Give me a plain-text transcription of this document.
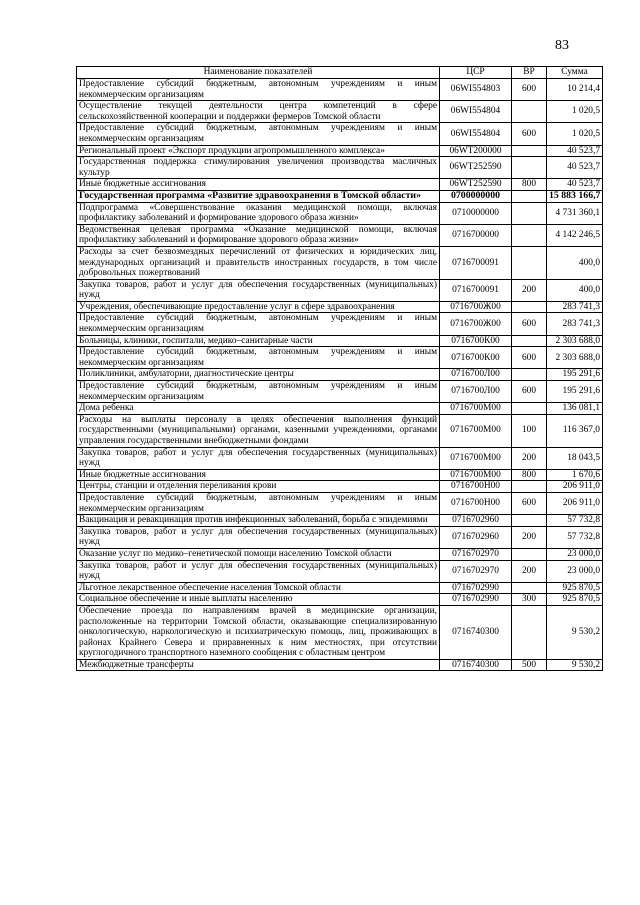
83
Наименование показателей	ЦСР	ВР	Сумма
Предоставление субсидий бюджетным, автономным учреждениям и иным некоммерческим организациям	06WI554803	600	10 214,4
Осуществление текущей деятельности центра компетенций в сфере сельскохозяйственной кооперации и поддержки фермеров Томской области	06WI554804		1 020,5
Предоставление субсидий бюджетным, автономным учреждениям и иным некоммерческим организациям	06WI554804	600	1 020,5
Региональный проект «Экспорт продукции агропромышленного комплекса»	06WT200000		40 523,7
Государственная поддержка стимулирования увеличения производства масличных культур	06WT252590		40 523,7
Иные бюджетные ассигнования	06WT252590	800	40 523,7
Государственная программа «Развитие здравоохранения в Томской области»	0700000000		15 883 166,7
Подпрограмма «Совершенствование оказания медицинской помощи, включая профилактику заболеваний и формирование здорового образа жизни»	0710000000		4 731 360,1
Ведомственная целевая программа «Оказание медицинской помощи, включая профилактику заболеваний и формирование здорового образа жизни»	0716700000		4 142 246,5
Расходы за счет безвозмездных перечислений от физических и юридических лиц, международных организаций и правительств иностранных государств, в том числе добровольных пожертвований	0716700091		400,0
Закупка товаров, работ и услуг для обеспечения государственных (муниципальных) нужд	0716700091	200	400,0
Учреждения, обеспечивающие предоставление услуг в сфере здравоохранения	0716700Ж00		283 741,3
Предоставление субсидий бюджетным, автономным учреждениям и иным некоммерческим организациям	0716700Ж00	600	283 741,3
Больницы, клиники, госпитали, медико–санитарные части	0716700К00		2 303 688,0
Предоставление субсидий бюджетным, автономным учреждениям и иным некоммерческим организациям	0716700К00	600	2 303 688,0
Поликлиники, амбулатории, диагностические центры	0716700Л00		195 291,6
Предоставление субсидий бюджетным, автономным учреждениям и иным некоммерческим организациям	0716700Л00	600	195 291,6
Дома ребенка	0716700М00		136 081,1
Расходы на выплаты персоналу в целях обеспечения выполнения функций государственными (муниципальными) органами, казенными учреждениями, органами управления государственными внебюджетными фондами	0716700М00	100	116 367,0
Закупка товаров, работ и услуг для обеспечения государственных (муниципальных) нужд	0716700М00	200	18 043,5
Иные бюджетные ассигнования	0716700М00	800	1 670,6
Центры, станции и отделения переливания крови	0716700Н00		206 911,0
Предоставление субсидий бюджетным, автономным учреждениям и иным некоммерческим организациям	0716700Н00	600	206 911,0
Вакцинация и ревакцинация против инфекционных заболеваний, борьба с эпидемиями	0716702960		57 732,8
Закупка товаров, работ и услуг для обеспечения государственных (муниципальных) нужд	0716702960	200	57 732,8
Оказание услуг по медико–генетической помощи населению Томской области	0716702970		23 000,0
Закупка товаров, работ и услуг для обеспечения государственных (муниципальных) нужд	0716702970	200	23 000,0
Льготное лекарственное обеспечение населения Томской области	0716702990		925 870,5
Социальное обеспечение и иные выплаты населению	0716702990	300	925 870,5
Обеспечение проезда по направлениям врачей в медицинские организации, расположенные на территории Томской области, оказывающие специализированную онкологическую, наркологическую и психиатрическую помощь, лиц, проживающих в районах Крайнего Севера и приравненных к ним местностях, при отсутствии круглогодичного транспортного наземного сообщения с областным центром	0716740300		9 530,2
Межбюджетные трансферты	0716740300	500	9 530,2
